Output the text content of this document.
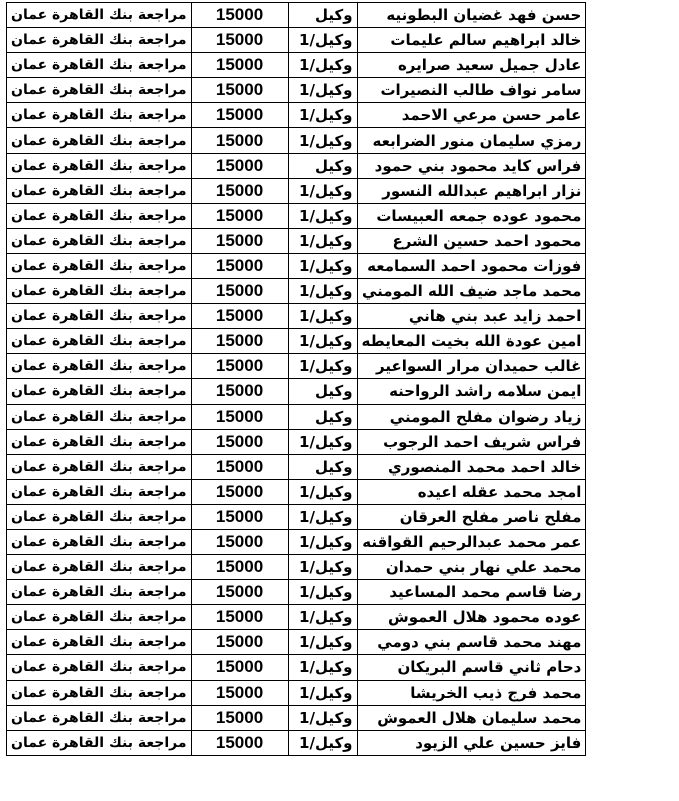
حسن فهد غضيان البطونيه	وكيل	15000	مراجعة بنك القاهرة عمان
خالد ابراهيم سالم عليمات	وكيل/1	15000	مراجعة بنك القاهرة عمان
عادل جميل سعيد صرايره	وكيل/1	15000	مراجعة بنك القاهرة عمان
سامر نواف طالب النصيرات	وكيل/1	15000	مراجعة بنك القاهرة عمان
عامر حسن مرعي الاحمد	وكيل/1	15000	مراجعة بنك القاهرة عمان
رمزي سليمان منور الضرابعه	وكيل/1	15000	مراجعة بنك القاهرة عمان
فراس كايد محمود بني حمود	وكيل	15000	مراجعة بنك القاهرة عمان
نزار ابراهيم عبدالله النسور	وكيل/1	15000	مراجعة بنك القاهرة عمان
محمود عوده جمعه العبيسات	وكيل/1	15000	مراجعة بنك القاهرة عمان
محمود احمد حسين الشرع	وكيل/1	15000	مراجعة بنك القاهرة عمان
فوزات محمود احمد السمامعه	وكيل/1	15000	مراجعة بنك القاهرة عمان
محمد ماجد ضيف الله المومني	وكيل/1	15000	مراجعة بنك القاهرة عمان
احمد زايد عبد بني هاني	وكيل/1	15000	مراجعة بنك القاهرة عمان
امين عودة الله بخيت المعايطه	وكيل/1	15000	مراجعة بنك القاهرة عمان
غالب حميدان مرار السواعير	وكيل/1	15000	مراجعة بنك القاهرة عمان
ايمن سلامه راشد الرواحنه	وكيل	15000	مراجعة بنك القاهرة عمان
زياد رضوان مفلح المومني	وكيل	15000	مراجعة بنك القاهرة عمان
فراس شريف احمد الرجوب	وكيل/1	15000	مراجعة بنك القاهرة عمان
خالد احمد محمد المنصوري	وكيل	15000	مراجعة بنك القاهرة عمان
امجد محمد عقله اعيده	وكيل/1	15000	مراجعة بنك القاهرة عمان
مفلح ناصر مفلح العرقان	وكيل/1	15000	مراجعة بنك القاهرة عمان
عمر محمد عبدالرحيم القواقنه	وكيل/1	15000	مراجعة بنك القاهرة عمان
محمد علي نهار بني حمدان	وكيل/1	15000	مراجعة بنك القاهرة عمان
رضا قاسم محمد المساعيد	وكيل/1	15000	مراجعة بنك القاهرة عمان
عوده محمود هلال العموش	وكيل/1	15000	مراجعة بنك القاهرة عمان
مهند محمد قاسم بني دومي	وكيل/1	15000	مراجعة بنك القاهرة عمان
دحام ثاني قاسم البريكان	وكيل/1	15000	مراجعة بنك القاهرة عمان
محمد فرج ذيب الخريشا	وكيل/1	15000	مراجعة بنك القاهرة عمان
محمد سليمان هلال العموش	وكيل/1	15000	مراجعة بنك القاهرة عمان
فايز حسين علي الزيود	وكيل/1	15000	مراجعة بنك القاهرة عمان
